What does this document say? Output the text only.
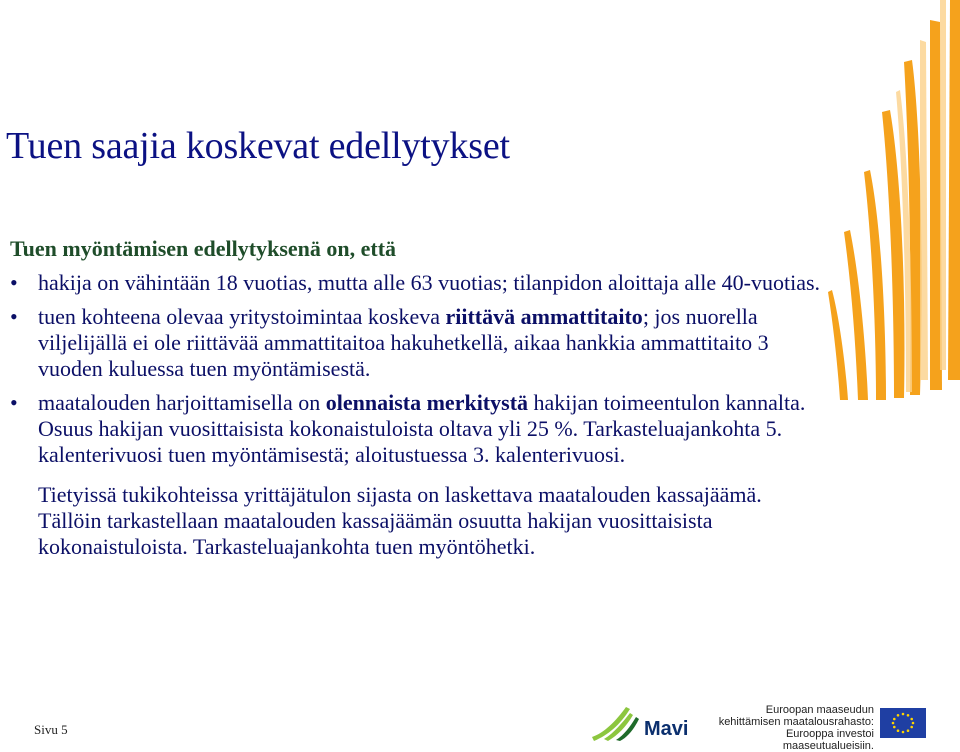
Tuen saajia koskevat edellytykset

Tuen myöntämisen edellytyksenä on, että

• hakija on vähintään 18 vuotias, mutta alle 63 vuotias; tilanpidon aloittaja alle 40-vuotias.

• tuen kohteena olevaa yritystoimintaa koskeva riittävä ammattitaito; jos nuorella viljelijällä ei ole riittävää ammattitaitoa hakuhetkellä, aikaa hankkia ammattitaito 3 vuoden kuluessa tuen myöntämisestä.

• maatalouden harjoittamisella on olennaista merkitystä hakijan toimeentulon kannalta. Osuus hakijan vuosittaisista kokonaistuloista oltava yli 25 %. Tarkasteluajankohta 5. kalenterivuosi tuen myöntämisestä; aloitustuessa 3. kalenterivuosi.

Tietyissä tukikohteissa yrittäjätulon sijasta on laskettava maatalouden kassajäämä. Tällöin tarkastellaan maatalouden kassajäämän osuutta hakijan vuosittaisista kokonaistuloista. Tarkasteluajankohta tuen myöntöhetki.

Sivu 5	Mavi
Euroopan maaseudun
kehittämisen maatalousrahasto:
Eurooppa investoi maaseutualueisiin.
